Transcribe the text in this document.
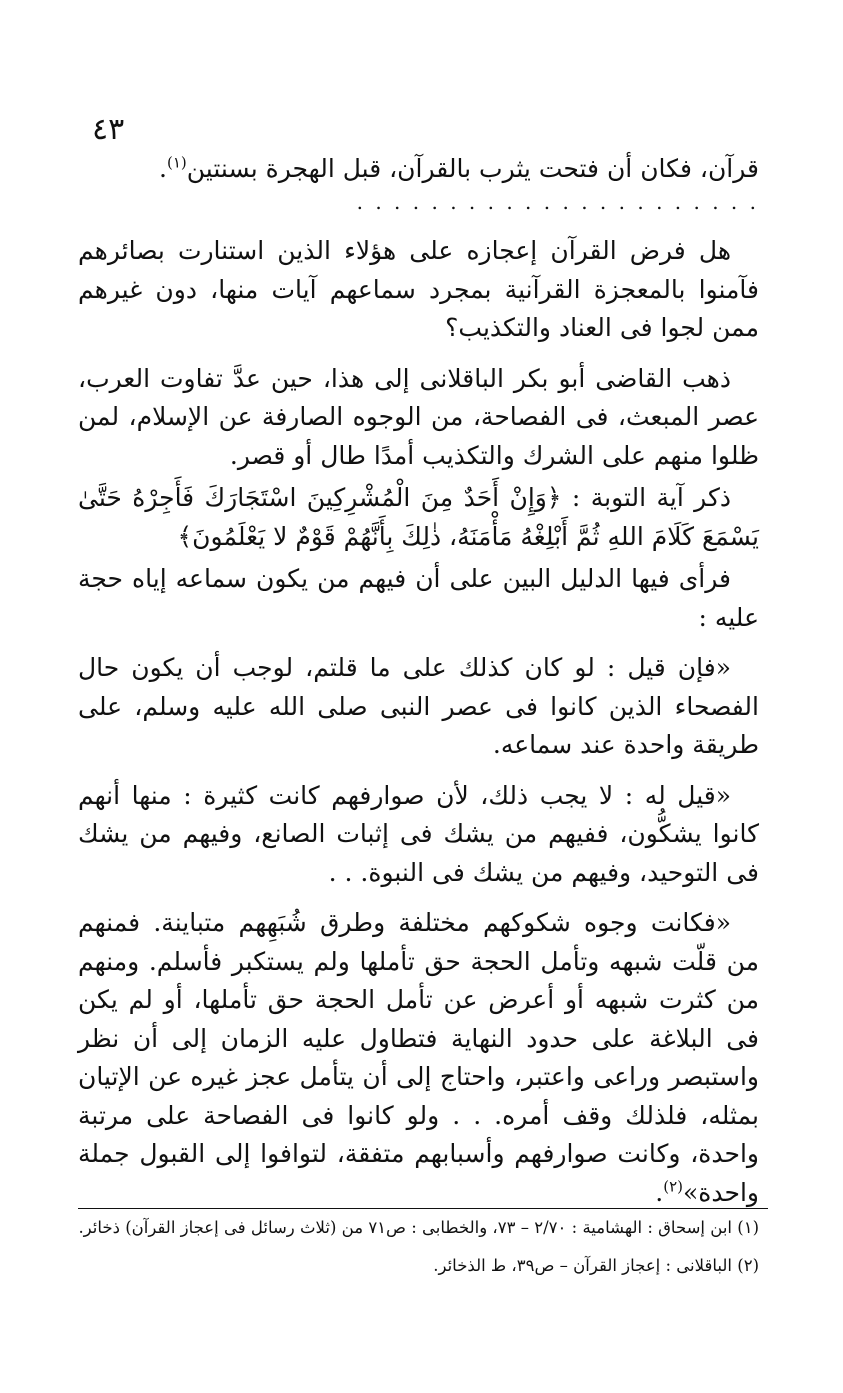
٤٣
قرآن، فكان أن فتحت يثرب بالقرآن، قبل الهجرة بسنتين$^{(١)}$.
. . . . . . . . . . . . . . . . . . . . . .

هل فرض القرآن إعجازه على هؤلاء الذين استنارت بصائرهم فآمنوا بالمعجزة القرآنية بمجرد سماعهم آيات منها، دون غيرهم ممن لجوا فى العناد والتكذيب؟

ذهب القاضى أبو بكر الباقلانى إلى هذا، حين عدَّ تفاوت العرب، عصر المبعث، فى الفصاحة، من الوجوه الصارفة عن الإسلام، لمن ظلوا منهم على الشرك والتكذيب أمدًا طال أو قصر.

ذكر آية التوبة : ﴿وَإِنْ أَحَدٌ مِنَ الْمُشْرِكِينَ اسْتَجَارَكَ فَأَجِرْهُ حَتَّىٰ يَسْمَعَ كَلَامَ اللهِ ثُمَّ أَبْلِغْهُ مَأْمَنَهُ، ذٰلِكَ بِأَنَّهُمْ قَوْمٌ لا يَعْلَمُونَ﴾

فرأى فيها الدليل البين على أن فيهم من يكون سماعه إياه حجة عليه :

«فإن قيل : لو كان كذلك على ما قلتم، لوجب أن يكون حال الفصحاء الذين كانوا فى عصر النبى صلى الله عليه وسلم، على طريقة واحدة عند سماعه.

«قيل له : لا يجب ذلك، لأن صوارفهم كانت كثيرة : منها أنهم كانوا يشكُّون، ففيهم من يشك فى إثبات الصانع، وفيهم من يشك فى التوحيد، وفيهم من يشك فى النبوة. . .

«فكانت وجوه شكوكهم مختلفة وطرق شُبَهِهم متباينة. فمنهم من قلّت شبهه وتأمل الحجة حق تأملها ولم يستكبر فأسلم. ومنهم من كثرت شبهه أو أعرض عن تأمل الحجة حق تأملها، أو لم يكن فى البلاغة على حدود النهاية فتطاول عليه الزمان إلى أن نظر واستبصر وراعى واعتبر، واحتاج إلى أن يتأمل عجز غيره عن الإتيان بمثله، فلذلك وقف أمره. . . ولو كانوا فى الفصاحة على مرتبة واحدة، وكانت صوارفهم وأسبابهم متفقة، لتوافوا إلى القبول جملة واحدة»$^{(٢)}$.

(١) ابن إسحاق : الهشامية : ٢/٧٠ – ٧٣، والخطابى : ص٧١ من (ثلاث رسائل فى إعجاز القرآن) ذخائر.

(٢) الباقلانى : إعجاز القرآن – ص٣٩، ط الذخائر.
